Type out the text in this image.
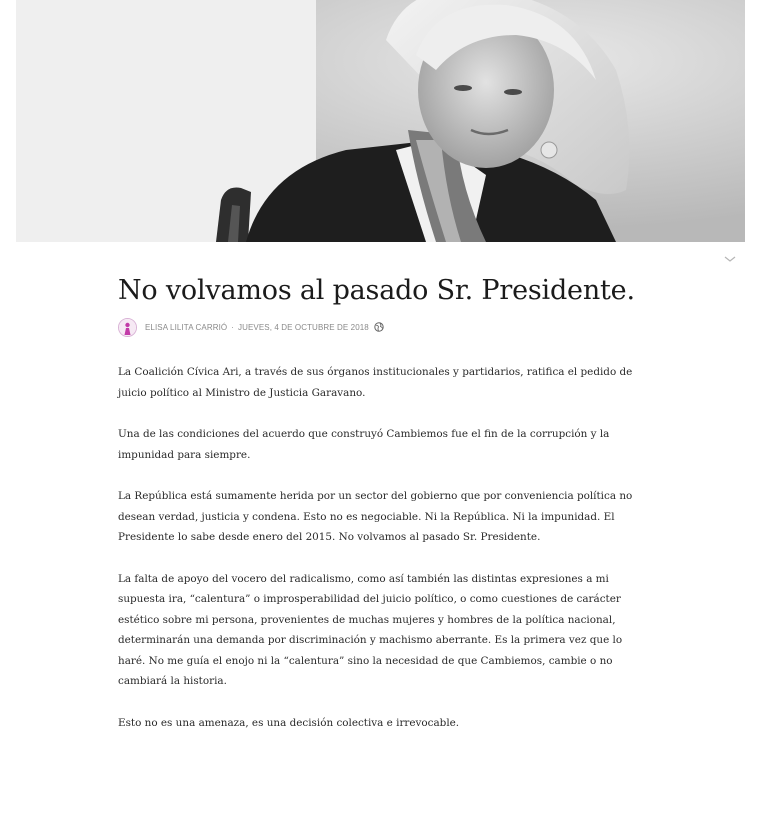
No volvamos al pasado Sr. Presidente.
ELISA LILITA CARRIÓ · JUEVES, 4 DE OCTUBRE DE 2018

La Coalición Cívica Ari, a través de sus órganos institucionales y partidarios, ratifica el pedido de juicio político al Ministro de Justicia Garavano.

Una de las condiciones del acuerdo que construyó Cambiemos fue el fin de la corrupción y la impunidad para siempre.

La República está sumamente herida por un sector del gobierno que por conveniencia política no desean verdad, justicia y condena. Esto no es negociable. Ni la República. Ni la impunidad. El Presidente lo sabe desde enero del 2015. No volvamos al pasado Sr. Presidente.

La falta de apoyo del vocero del radicalismo, como así también las distintas expresiones a mi supuesta ira, “calentura” o improsperabilidad del juicio político, o como cuestiones de carácter estético sobre mi persona, provenientes de muchas mujeres y hombres de la política nacional, determinarán una demanda por discriminación y machismo aberrante. Es la primera vez que lo haré. No me guía el enojo ni la “calentura” sino la necesidad de que Cambiemos, cambie o no cambiará la historia.

Esto no es una amenaza, es una decisión colectiva e irrevocable.
